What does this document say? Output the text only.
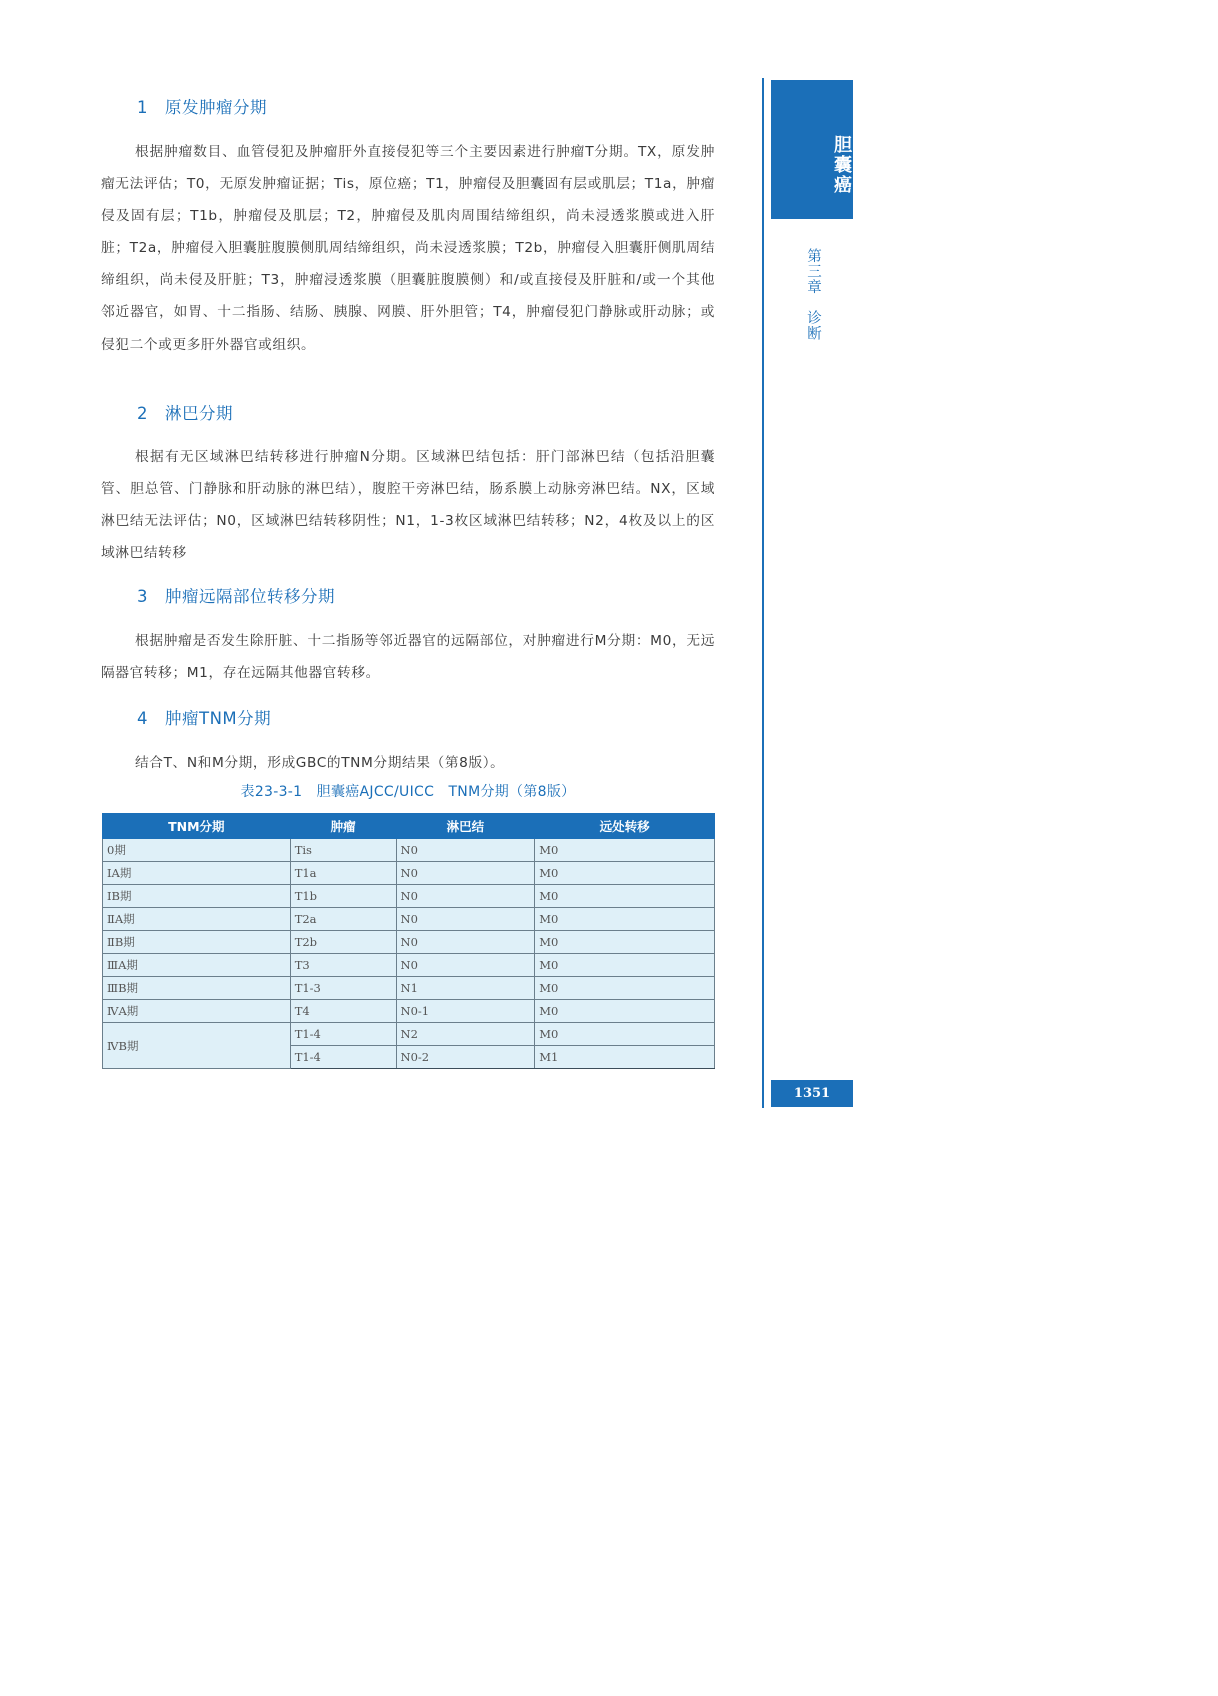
1 原发肿瘤分期

根据肿瘤数目、血管侵犯及肿瘤肝外直接侵犯等三个主要因素进行肿瘤T分期。TX，原发肿瘤无法评估；T0，无原发肿瘤证据；Tis，原位癌；T1，肿瘤侵及胆囊固有层或肌层；T1a，肿瘤侵及固有层；T1b，肿瘤侵及肌层；T2，肿瘤侵及肌肉周围结缔组织，尚未浸透浆膜或进入肝脏；T2a，肿瘤侵入胆囊脏腹膜侧肌周结缔组织，尚未浸透浆膜；T2b，肿瘤侵入胆囊肝侧肌周结缔组织，尚未侵及肝脏；T3，肿瘤浸透浆膜（胆囊脏腹膜侧）和/或直接侵及肝脏和/或一个其他邻近器官，如胃、十二指肠、结肠、胰腺、网膜、肝外胆管；T4，肿瘤侵犯门静脉或肝动脉；或侵犯二个或更多肝外器官或组织。

2 淋巴分期

根据有无区域淋巴结转移进行肿瘤N分期。区域淋巴结包括：肝门部淋巴结（包括沿胆囊管、胆总管、门静脉和肝动脉的淋巴结），腹腔干旁淋巴结，肠系膜上动脉旁淋巴结。NX，区域淋巴结无法评估；N0，区域淋巴结转移阴性；N1，1-3枚区域淋巴结转移；N2，4枚及以上的区域淋巴结转移

3 肿瘤远隔部位转移分期

根据肿瘤是否发生除肝脏、十二指肠等邻近器官的远隔部位，对肿瘤进行M分期：M0，无远隔器官转移；M1，存在远隔其他器官转移。

4 肿瘤TNM分期

结合T、N和M分期，形成GBC的TNM分期结果（第8版）。

表23-3-1　胆囊癌AJCC/UICC　TNM分期（第8版）
TNM分期	肿瘤	淋巴结	远处转移
0期	Tis	N0	M0
ⅠA期	T1a	N0	M0
ⅠB期	T1b	N0	M0
ⅡA期	T2a	N0	M0
ⅡB期	T2b	N0	M0
ⅢA期	T3	N0	M0
ⅢB期	T1-3	N1	M0
ⅣA期	T4	N0-1	M0
ⅣB期	T1-4	N2	M0
	T1-4	N0-2	M1
胆囊癌
第三章　诊断
1351
